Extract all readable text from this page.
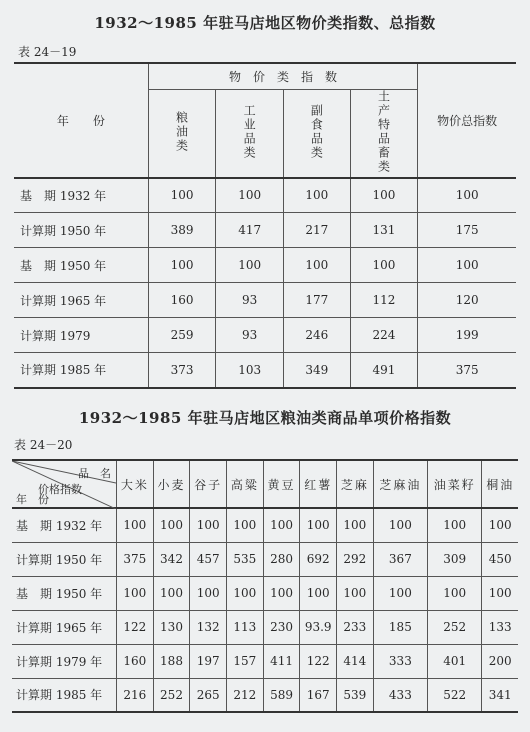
1932～1985 年驻马店地区物价类指数、总指数
表 24－19
年　　份	物　价　类　指　数				物价总指数
	粮油类	工业品类	副食品类	土产特品畜类	
基　期 1932 年	100	100	100	100	100
计算期 1950 年	389	417	217	131	175
基　期 1950 年	100	100	100	100	100
计算期 1965 年	160	93	177	112	120
计算期 1979	259	93	246	224	199
计算期 1985 年	373	103	349	491	375
1932～1985 年驻马店地区粮油类商品单项价格指数
表 24－20
品　名
价格指数
年　份	大米	小麦	谷子	高粱	黄豆	红薯	芝麻	芝麻油	油菜籽	桐油
基　期 1932 年	100	100	100	100	100	100	100	100	100	100
计算期 1950 年	375	342	457	535	280	692	292	367	309	450
基　期 1950 年	100	100	100	100	100	100	100	100	100	100
计算期 1965 年	122	130	132	113	230	93.9	233	185	252	133
计算期 1979 年	160	188	197	157	411	122	414	333	401	200
计算期 1985 年	216	252	265	212	589	167	539	433	522	341
